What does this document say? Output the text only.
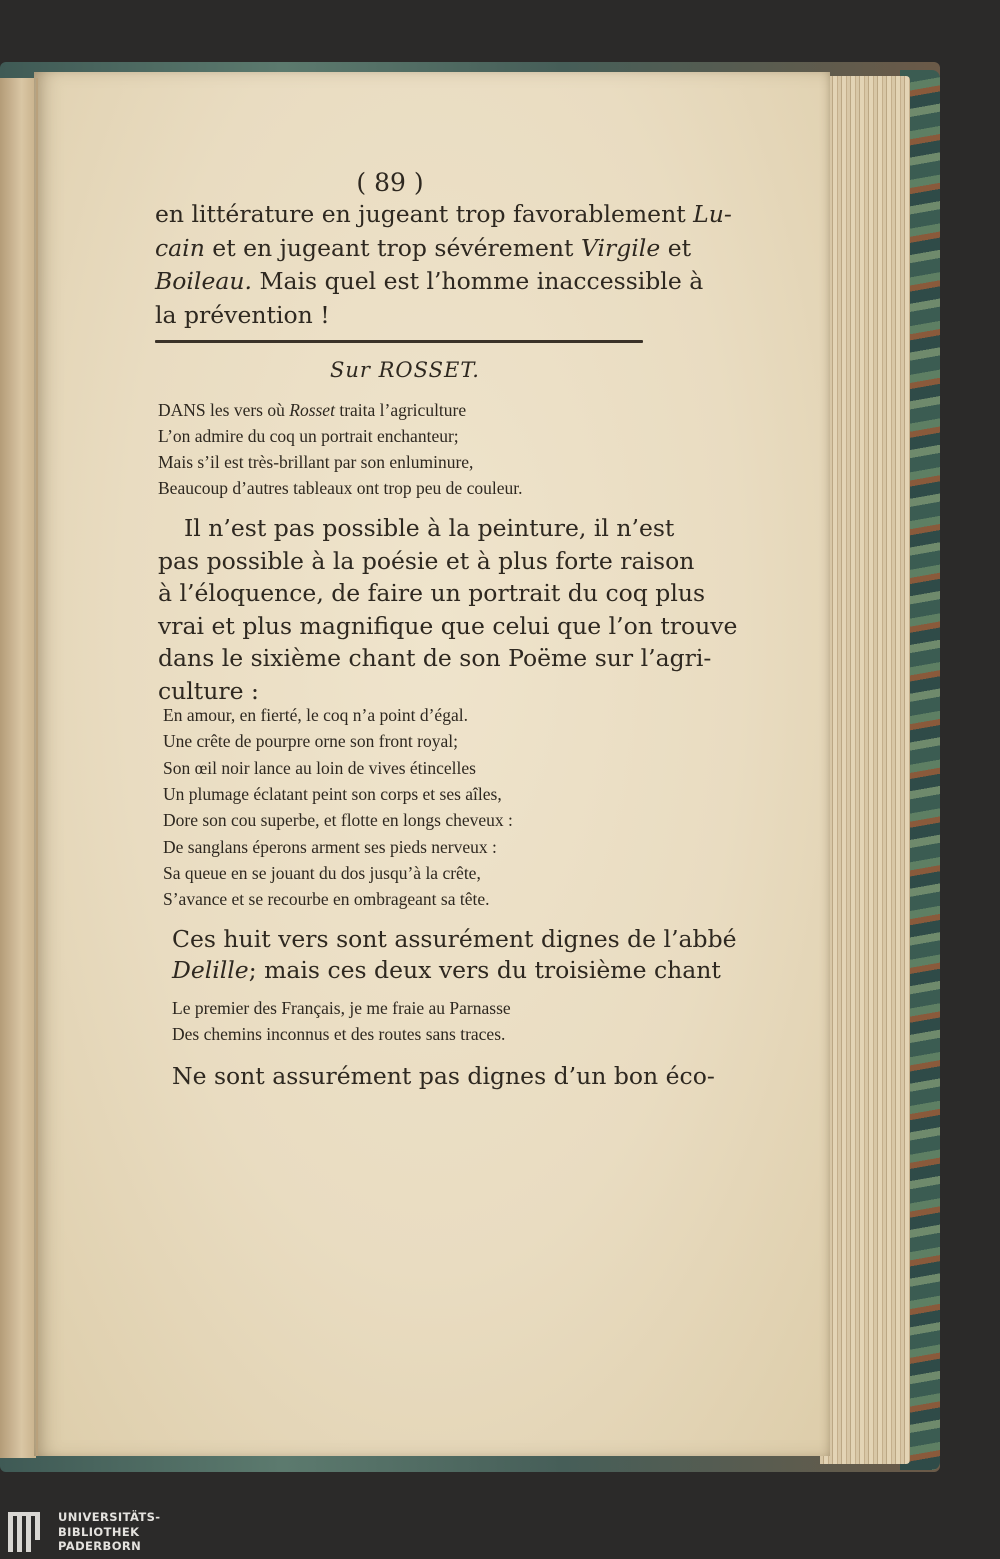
( 89 )
en littérature en jugeant trop favorablement Lu-
cain et en jugeant trop sévérement Virgile
Boileau. Mais quel est l’homme inaccessible à
la prévention !
Sur ROSSET.
DANS les vers où Rosset traita l’agriculture
L’on admire du coq un portrait enchanteur;
Mais s’il est très-brillant par son enluminure,
Beaucoup d’autres tableaux ont trop peu de couleur.
Il n’est pas possible à la peinture, il n’est
pas possible à la poésie et à plus forte raison
à l’éloquence, de faire un portrait du coq plus
vrai et plus magnifique que celui que l’on trouve
dans le sixième chant de son Poëme sur l’agri-
culture :
En amour, en fierté, le coq n’a point d’égal.
Une crête de pourpre orne son front royal;
Son œil noir lance au loin de vives étincelles
Un plumage éclatant peint son corps et ses aîles,
Dore son cou superbe, et flotte en longs cheveux :
De sanglans éperons arment ses pieds nerveux :
Sa queue en se jouant du dos jusqu’à la crête,
S’avance et se recourbe en ombrageant sa tête.
Ces huit vers sont assurément dignes de l’abbé
Delille; mais ces deux vers du troisième chant
Le premier des Français, je me fraie au Parnasse
Des chemins inconnus et des routes sans traces.
Ne sont assurément pas dignes d’un bon éco-
UNIVERSITÄTS-
BIBLIOTHEK
PADERBORN
